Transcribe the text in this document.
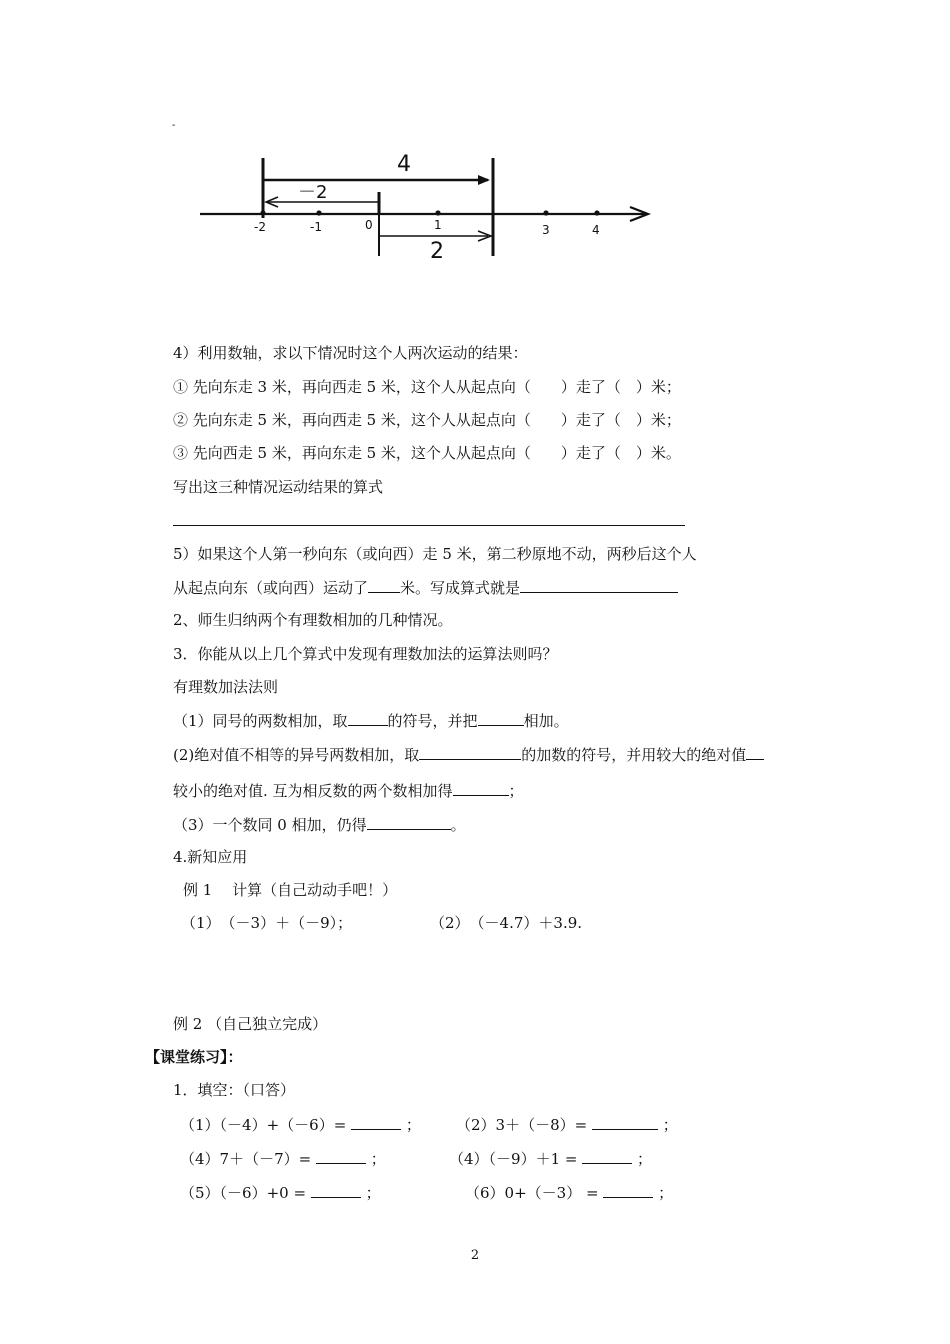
-
-2	-1	0	1	3	4
4
－2
2
4）利用数轴，求以下情况时这个人两次运动的结果：
① 先向东走 3 米，再向西走 5 米，这个人从起点向（　　）走了（　）米；
② 先向东走 5 米，再向西走 5 米，这个人从起点向（　　）走了（　）米；
③ 先向西走 5 米，再向东走 5 米，这个人从起点向（　　）走了（　）米。
写出这三种情况运动结果的算式
5）如果这个人第一秒向东（或向西）走 5 米，第二秒原地不动，两秒后这个人
从起点向东（或向西）运动了 米。写成算式就是
2、师生归纳两个有理数相加的几种情况。
3．你能从以上几个算式中发现有理数加法的运算法则吗？
有理数加法法则
（1）同号的两数相加，取	的符号，并把	相加。
(2)绝对值不相等的异号两数相加，取	的加数的符号，并用较大的绝对值
较小的绝对值. 互为相反数的两个数相加得	；
（3）一个数同 0 相加，仍得	。
4.新知应用
例 1　 计算（自己动动手吧！）
（1）　（－3）＋（－9）；	（2）　（－4.7）＋3.9.
例 2 （自己独立完成）
【课堂练习】：
1．填空：（口答）
（1）（－4）+（－6）=	； （2）3＋（－8）=	；
（4）7＋（－7）=	；	（4）（－9）＋1 =	；
（5）（－6）+0 =	；	（6）0+（－3） =	；
2
